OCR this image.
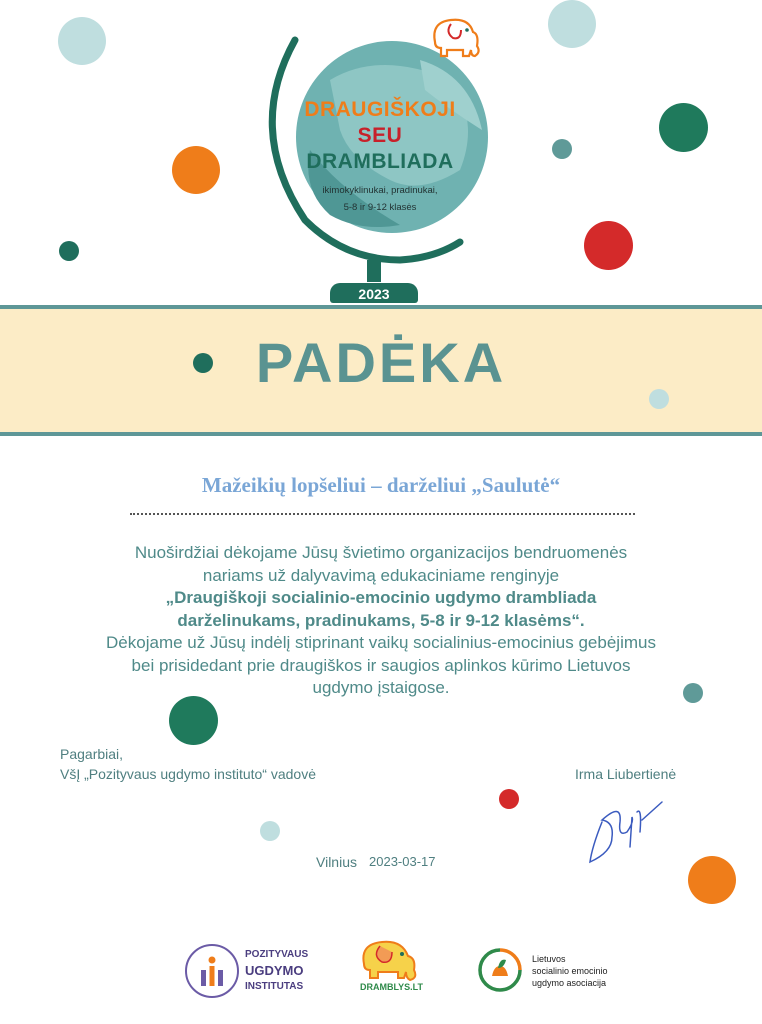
DRAUGIŠKOJI
SEU
DRAMBLIADA
ikimokyklinukai, pradinukai,
5-8 ir 9-12 klasės
2023
PADĖKA
Mažeikių lopšeliui – darželiui „Saulutė“
Nuoširdžiai dėkojame Jūsų švietimo organizacijos bendruomenės
nariams už dalyvavimą edukaciniame renginyje
„Draugiškoji socialinio-emocinio ugdymo drambliada
darželinukams, pradinukams, 5-8 ir 9-12 klasėms“.
Dėkojame už Jūsų indėlį stiprinant vaikų socialinius-emocinius gebėjimus
bei prisidedant prie draugiškos ir saugios aplinkos kūrimo Lietuvos
ugdymo įstaigose.
Pagarbiai,
VšĮ „Pozityvaus ugdymo instituto“ vadovė	Irma Liubertienė
Vilnius 2023-03-17
POZITYVAUS
UGDYMO
INSTITUTAS	DRAMBLYS.LT
Lietuvos
socialinio emocinio
ugdymo asociacija
